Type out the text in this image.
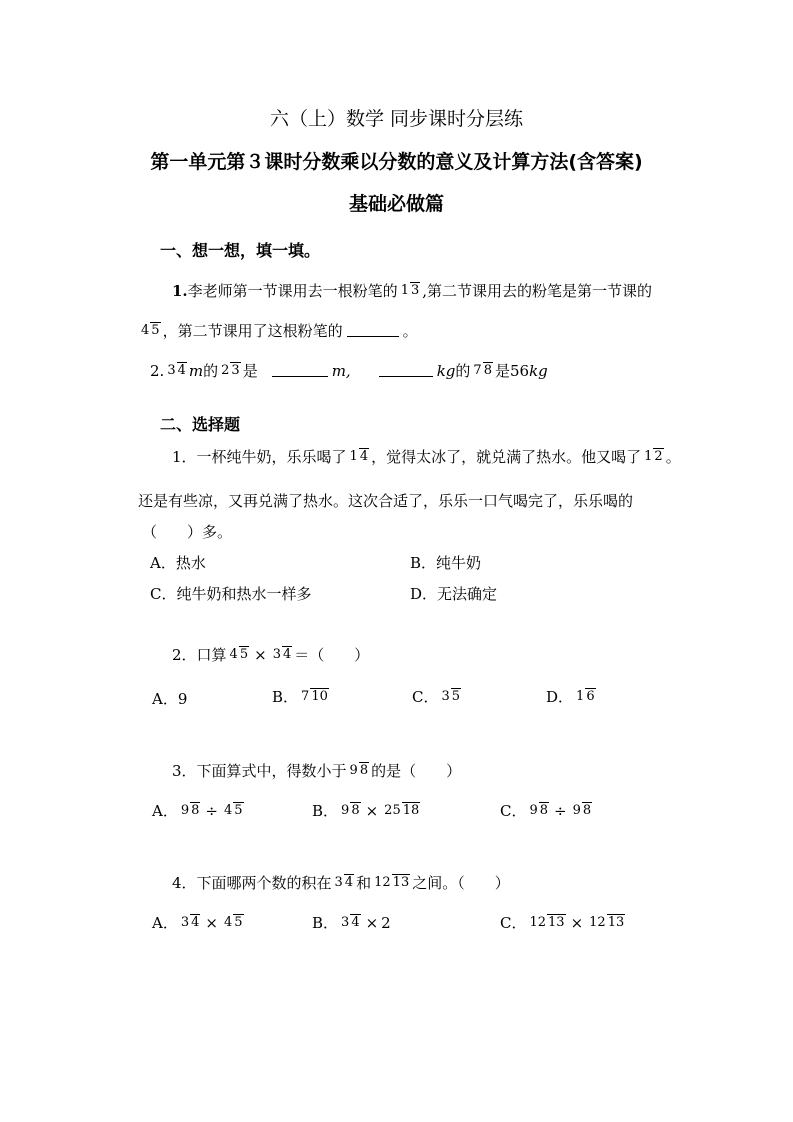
六（上）数学 同步课时分层练
第一单元第３课时分数乘以分数的意义及计算方法(含答案)
基础必做篇
一、想一想，填一填。
1. 李老师第一节课用去一根粉笔的 1 3 ,第二节课用去的粉笔是第一节课的
4 5 ，第二节课用了这根粉笔的	。
2. 3 4 m 的 2 3 是	m,	kg 的 7 8 是 56 kg
二、选择题
1．一杯纯牛奶，乐乐喝了 1 4 ，觉得太冰了，就兑满了热水。他又喝了 1 2 。
还是有些凉，又再兑满了热水。这次合适了，乐乐一口气喝完了，乐乐喝的
（　　）多。
A．热水	B．纯牛奶
C．纯牛奶和热水一样多	D．无法确定
2．口算 4 5 × 3 4 ＝（　　）
A．9	B． 7 10	C． 3 5	D． 1 6
3．下面算式中，得数小于 9 8 的是（　　）
A． 9 8 ÷ 4 5	B． 9 8 × 25 18	C． 9 8 ÷ 9 8
4．下面哪两个数的积在 3 4 和 12 13 之间。（　　）
A． 3 4 × 4 5	B． 3 4 × 2	C． 12 13 × 12 13
